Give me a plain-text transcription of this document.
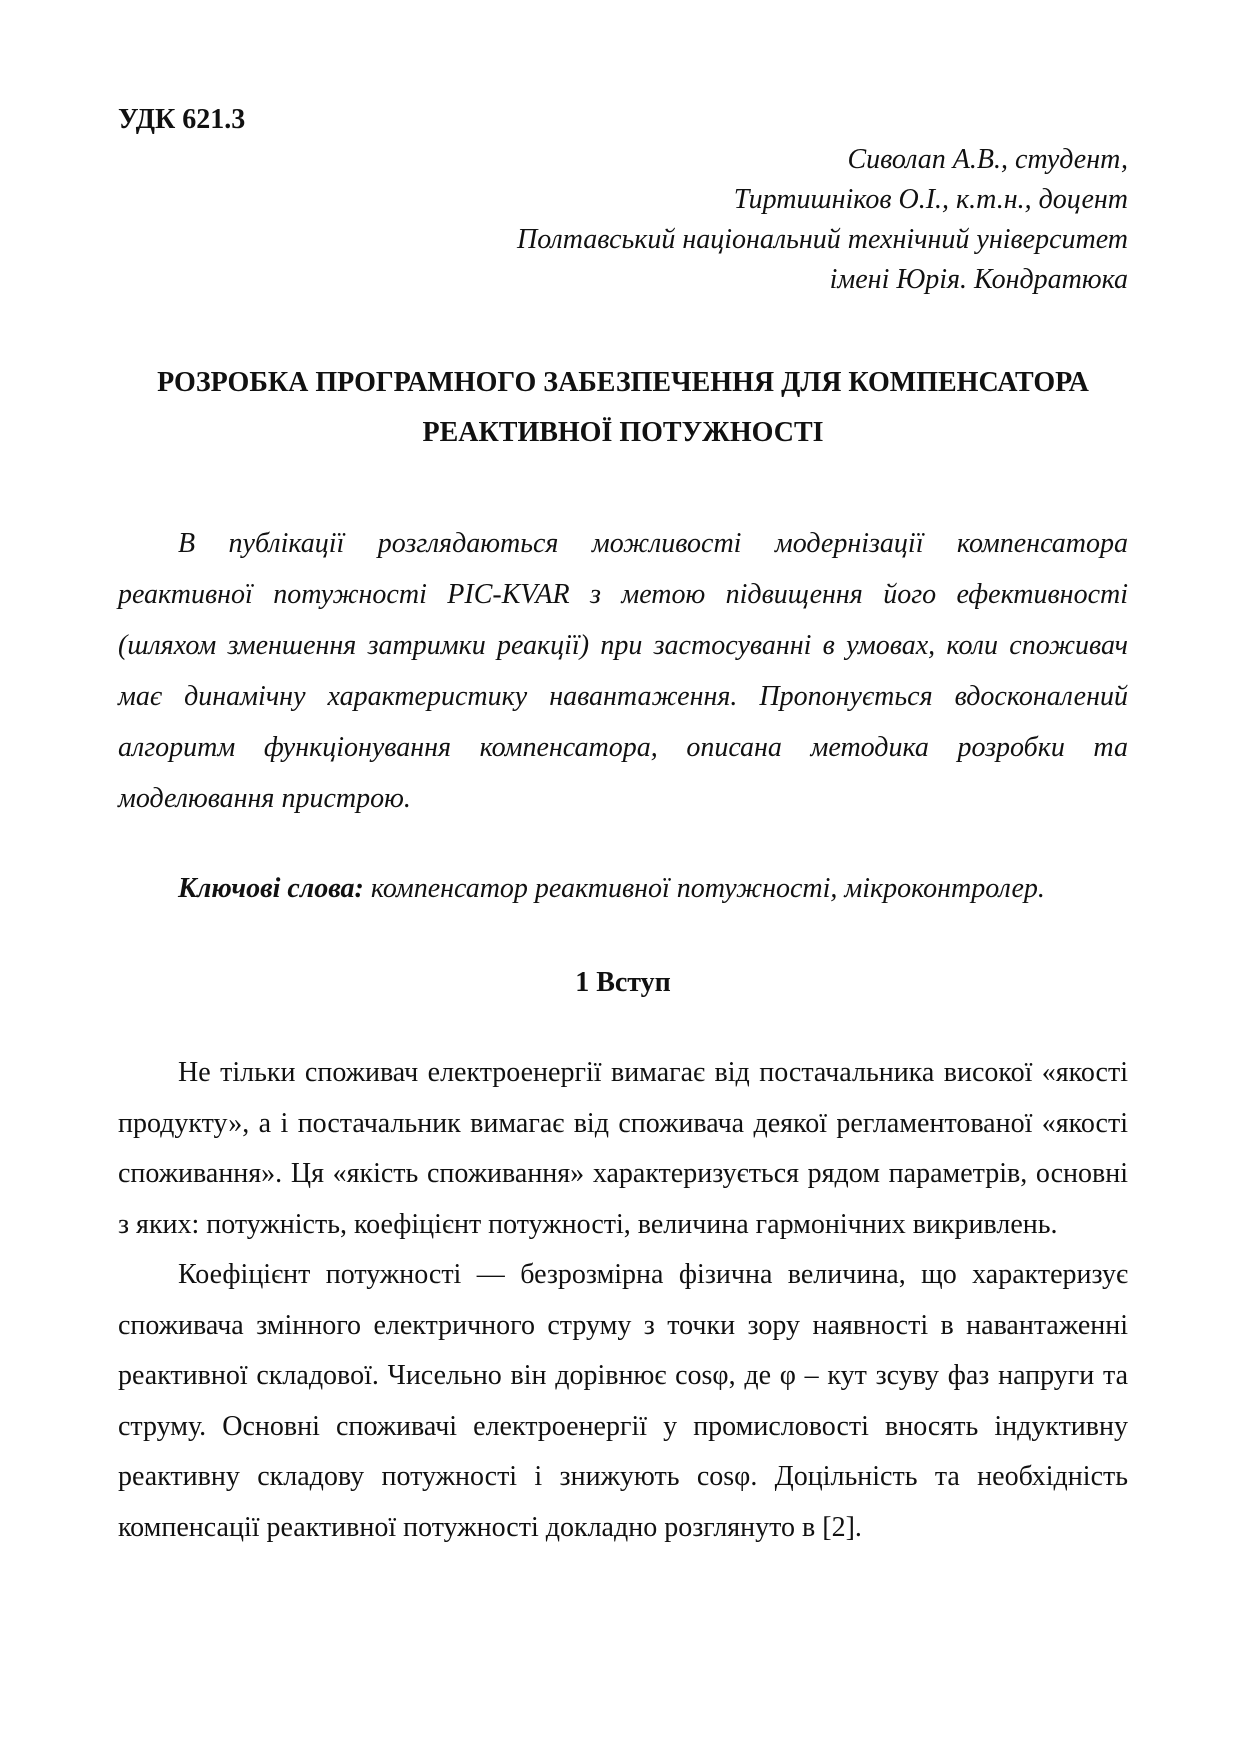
УДК 621.3

Сиволап А.В., студент,
Тиртишніков О.І., к.т.н., доцент
Полтавський національний технічний університет
імені Юрія. Кондратюка
РОЗРОБКА ПРОГРАМНОГО ЗАБЕЗПЕЧЕННЯ ДЛЯ КОМПЕНСАТОРА
РЕАКТИВНОЇ ПОТУЖНОСТІ

В публікації розглядаються можливості модернізації компенсатора реактивної потужності PIC-KVAR з метою підвищення його ефективності (шляхом зменшення затримки реакції) при застосуванні в умовах, коли споживач має динамічну характеристику навантаження. Пропонується вдосконалений алгоритм функціонування компенсатора, описана методика розробки та моделювання пристрою.

Ключові слова: компенсатор реактивної потужності, мікроконтролер.

1 Вступ

Не тільки споживач електроенергії вимагає від постачальника високої «якості продукту», а і постачальник вимагає від споживача деякої регламентованої «якості споживання». Ця «якість споживання» характеризується рядом параметрів, основні з яких: потужність, коефіцієнт потужності, величина гармонічних викривлень.

Коефіцієнт потужності — безрозмірна фізична величина, що характеризує споживача змінного електричного струму з точки зору наявності в навантаженні реактивної складової. Чисельно він дорівнює cosφ, де φ – кут зсуву фаз напруги та струму. Основні споживачі електроенергії у промисловості вносять індуктивну реактивну складову потужності і знижують cosφ. Доцільність та необхідність компенсації реактивної потужності докладно розглянуто в [2].
